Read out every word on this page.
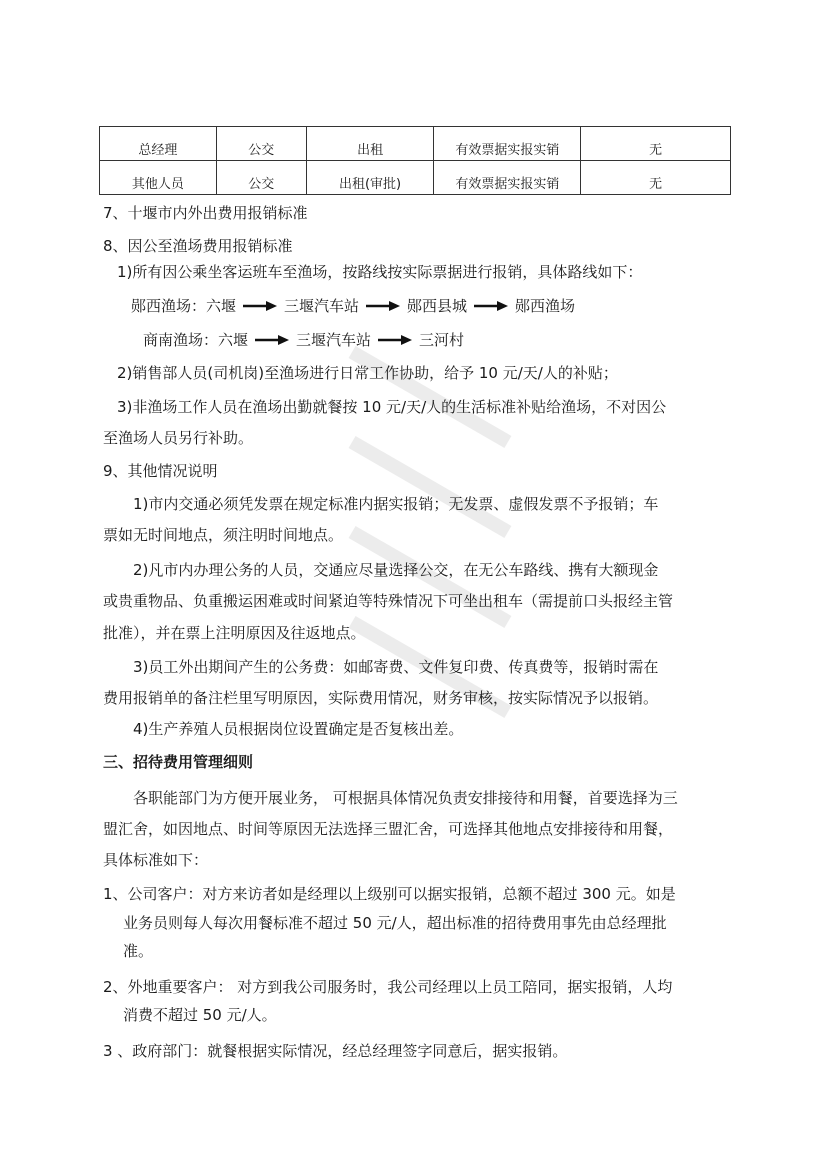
总经理	公交	出租	有效票据实报实销	无
其他人员	公交	出租(审批)	有效票据实报实销	无
7、十堰市内外出费用报销标准
8、因公至渔场费用报销标准
1)所有因公乘坐客运班车至渔场，按路线按实际票据进行报销，具体路线如下：
郧西渔场：六堰	三堰汽车站	郧西县城	郧西渔场
商南渔场：六堰	三堰汽车站	三河村
2)销售部人员(司机岗)至渔场进行日常工作协助，给予 10 元/天/人的补贴；
3)非渔场工作人员在渔场出勤就餐按 10 元/天/人的生活标准补贴给渔场，不对因公
至渔场人员另行补助。
9、其他情况说明
1)市内交通必须凭发票在规定标准内据实报销；无发票、虚假发票不予报销；车
票如无时间地点，须注明时间地点。
2)凡市内办理公务的人员，交通应尽量选择公交，在无公车路线、携有大额现金
或贵重物品、负重搬运困难或时间紧迫等特殊情况下可坐出租车（需提前口头报经主管
批准），并在票上注明原因及往返地点。
3)员工外出期间产生的公务费：如邮寄费、文件复印费、传真费等，报销时需在
费用报销单的备注栏里写明原因，实际费用情况，财务审核，按实际情况予以报销。
4)生产养殖人员根据岗位设置确定是否复核出差。
三、招待费用管理细则
各职能部门为方便开展业务， 可根据具体情况负责安排接待和用餐，首要选择为三
盟汇舍，如因地点、时间等原因无法选择三盟汇舍，可选择其他地点安排接待和用餐，
具体标准如下：
1、公司客户：对方来访者如是经理以上级别可以据实报销，总额不超过 300 元。如是
业务员则每人每次用餐标准不超过 50 元/人，超出标准的招待费用事先由总经理批
准。
2、外地重要客户： 对方到我公司服务时，我公司经理以上员工陪同，据实报销，人均
消费不超过 50 元/人。
3 、政府部门：就餐根据实际情况，经总经理签字同意后，据实报销。
